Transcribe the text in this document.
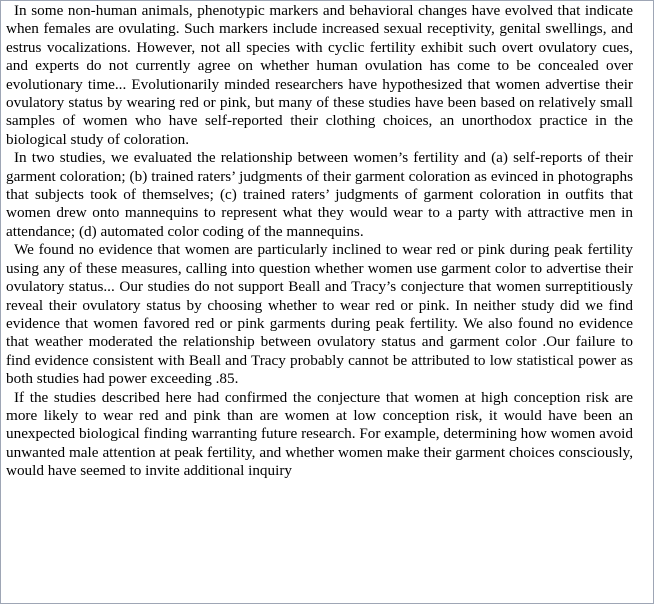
In some non-human animals, phenotypic markers and behavioral changes have evolved that indicate when females are ovulating. Such markers include increased sexual receptivity, genital swellings, and estrus vocalizations. However, not all species with cyclic fertility exhibit such overt ovulatory cues, and experts do not currently agree on whether human ovulation has come to be concealed over evolutionary time... Evolutionarily minded researchers have hypothesized that women advertise their ovulatory status by wearing red or pink, but many of these studies have been based on relatively small samples of women who have self-reported their clothing choices, an unorthodox practice in the biological study of coloration.

In two studies, we evaluated the relationship between women’s fertility and (a) self-reports of their garment coloration; (b) trained raters’ judgments of their garment coloration as evinced in photographs that subjects took of themselves; (c) trained raters’ judgments of garment coloration in outfits that women drew onto mannequins to represent what they would wear to a party with attractive men in attendance; (d) automated color coding of the mannequins.

We found no evidence that women are particularly inclined to wear red or pink during peak fertility using any of these measures, calling into question whether women use garment color to advertise their ovulatory status... Our studies do not support Beall and Tracy’s conjecture that women surreptitiously reveal their ovulatory status by choosing whether to wear red or pink. In neither study did we find evidence that women favored red or pink garments during peak fertility. We also found no evidence that weather moderated the relationship between ovulatory status and garment color .Our failure to find evidence consistent with Beall and Tracy probably cannot be attributed to low statistical power as both studies had power exceeding .85.

If the studies described here had confirmed the conjecture that women at high conception risk are more likely to wear red and pink than are women at low conception risk, it would have been an unexpected biological finding warranting future research. For example, determining how women avoid unwanted male attention at peak fertility, and whether women make their garment choices consciously, would have seemed to invite additional inquiry
